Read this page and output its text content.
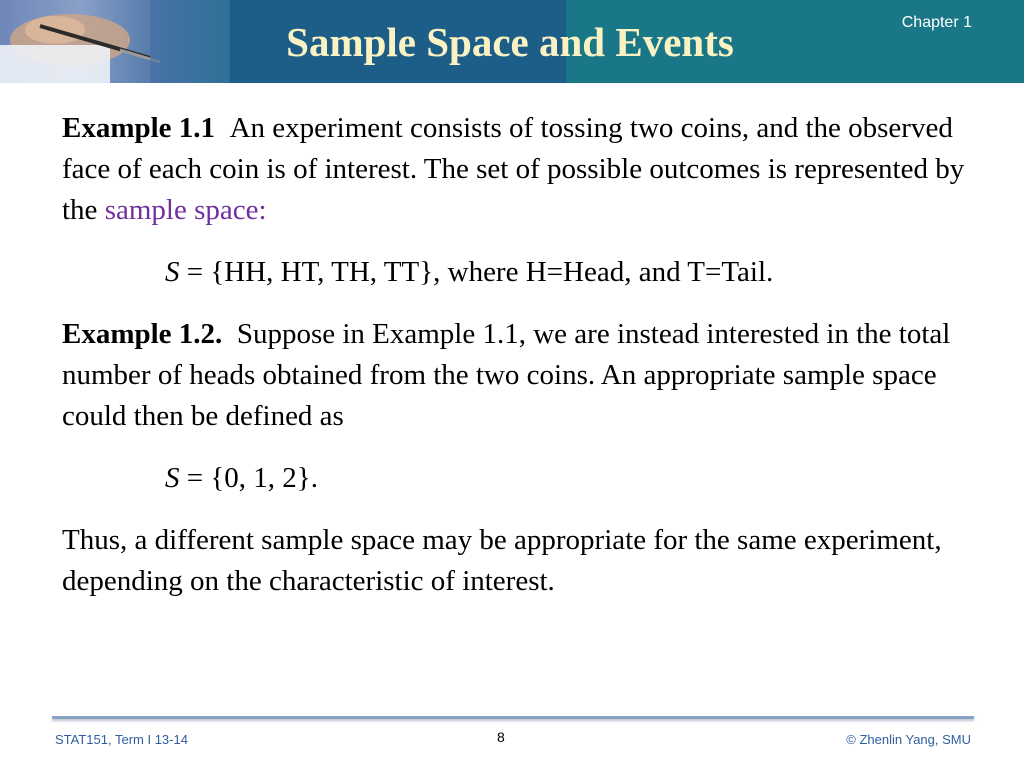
Sample Space and Events	Chapter 1

Example 1.1 An experiment consists of tossing two coins, and the observed face of each coin is of interest. The set of possible outcomes is represented by the sample space:

S = {HH, HT, TH, TT}, where H=Head, and T=Tail.

Example 1.2. Suppose in Example 1.1, we are instead interested in the total number of heads obtained from the two coins. An appropriate sample space could then be defined as

S = {0, 1, 2}.

Thus, a different sample space may be appropriate for the same experiment, depending on the characteristic of interest.

STAT151, Term I 13-14	8	© Zhenlin Yang, SMU
